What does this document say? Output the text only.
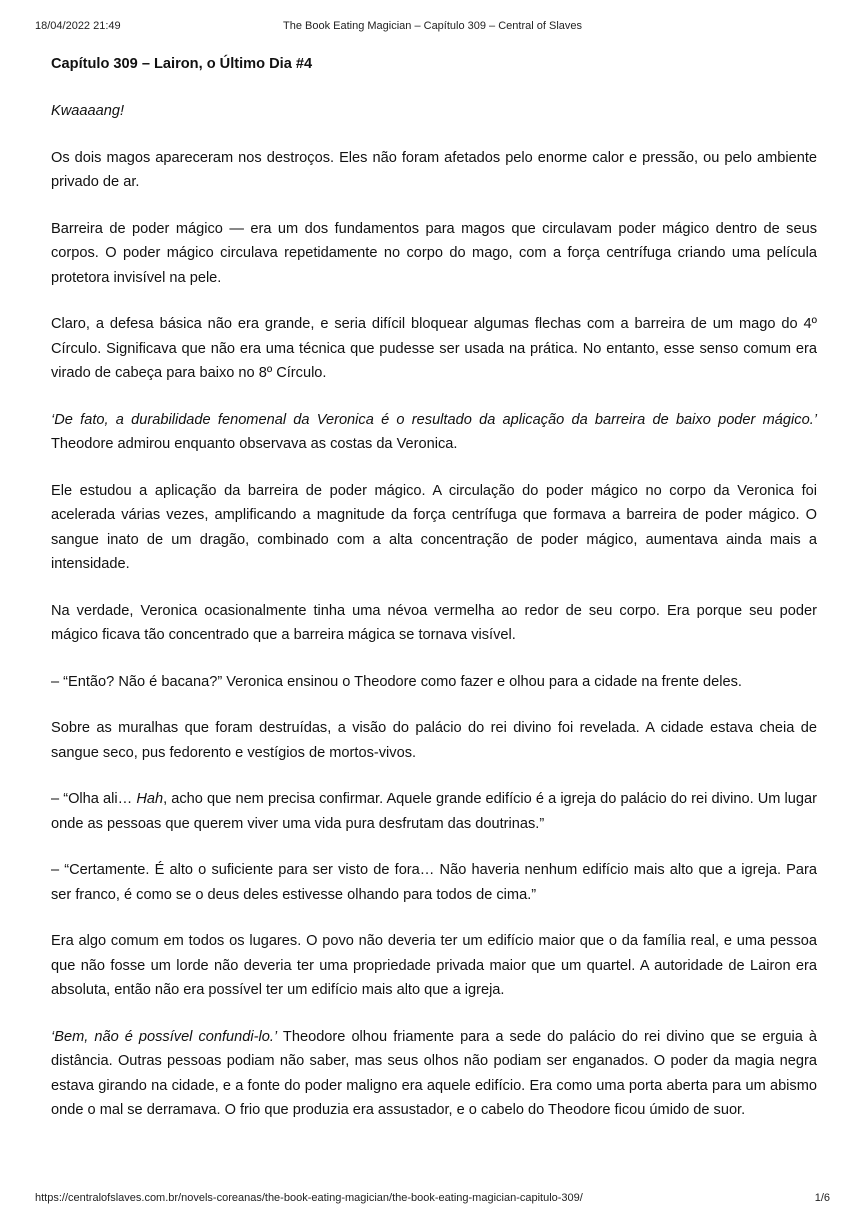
18/04/2022 21:49	The Book Eating Magician – Capítulo 309 – Central of Slaves
Capítulo 309 – Lairon, o Último Dia #4

Kwaaaang!

Os dois magos apareceram nos destroços. Eles não foram afetados pelo enorme calor e pressão, ou pelo ambiente privado de ar.

Barreira de poder mágico — era um dos fundamentos para magos que circulavam poder mágico dentro de seus corpos. O poder mágico circulava repetidamente no corpo do mago, com a força centrífuga criando uma película protetora invisível na pele.

Claro, a defesa básica não era grande, e seria difícil bloquear algumas flechas com a barreira de um mago do 4º Círculo. Significava que não era uma técnica que pudesse ser usada na prática. No entanto, esse senso comum era virado de cabeça para baixo no 8º Círculo.

‘De fato, a durabilidade fenomenal da Veronica é o resultado da aplicação da barreira de baixo poder mágico.’ Theodore admirou enquanto observava as costas da Veronica.

Ele estudou a aplicação da barreira de poder mágico. A circulação do poder mágico no corpo da Veronica foi acelerada várias vezes, amplificando a magnitude da força centrífuga que formava a barreira de poder mágico. O sangue inato de um dragão, combinado com a alta concentração de poder mágico, aumentava ainda mais a intensidade.

Na verdade, Veronica ocasionalmente tinha uma névoa vermelha ao redor de seu corpo. Era porque seu poder mágico ficava tão concentrado que a barreira mágica se tornava visível.

– “Então? Não é bacana?” Veronica ensinou o Theodore como fazer e olhou para a cidade na frente deles.

Sobre as muralhas que foram destruídas, a visão do palácio do rei divino foi revelada. A cidade estava cheia de sangue seco, pus fedorento e vestígios de mortos-vivos.

– “Olha ali… Hah, acho que nem precisa confirmar. Aquele grande edifício é a igreja do palácio do rei divino. Um lugar onde as pessoas que querem viver uma vida pura desfrutam das doutrinas.”

– “Certamente. É alto o suficiente para ser visto de fora… Não haveria nenhum edifício mais alto que a igreja. Para ser franco, é como se o deus deles estivesse olhando para todos de cima.”

Era algo comum em todos os lugares. O povo não deveria ter um edifício maior que o da família real, e uma pessoa que não fosse um lorde não deveria ter uma propriedade privada maior que um quartel. A autoridade de Lairon era absoluta, então não era possível ter um edifício mais alto que a igreja.

‘Bem, não é possível confundi-lo.’ Theodore olhou friamente para a sede do palácio do rei divino que se erguia à distância. Outras pessoas podiam não saber, mas seus olhos não podiam ser enganados. O poder da magia negra estava girando na cidade, e a fonte do poder maligno era aquele edifício. Era como uma porta aberta para um abismo onde o mal se derramava. O frio que produzia era assustador, e o cabelo do Theodore ficou úmido de suor.

https://centralofslaves.com.br/novels-coreanas/the-book-eating-magician/the-book-eating-magician-capitulo-309/	1/6
